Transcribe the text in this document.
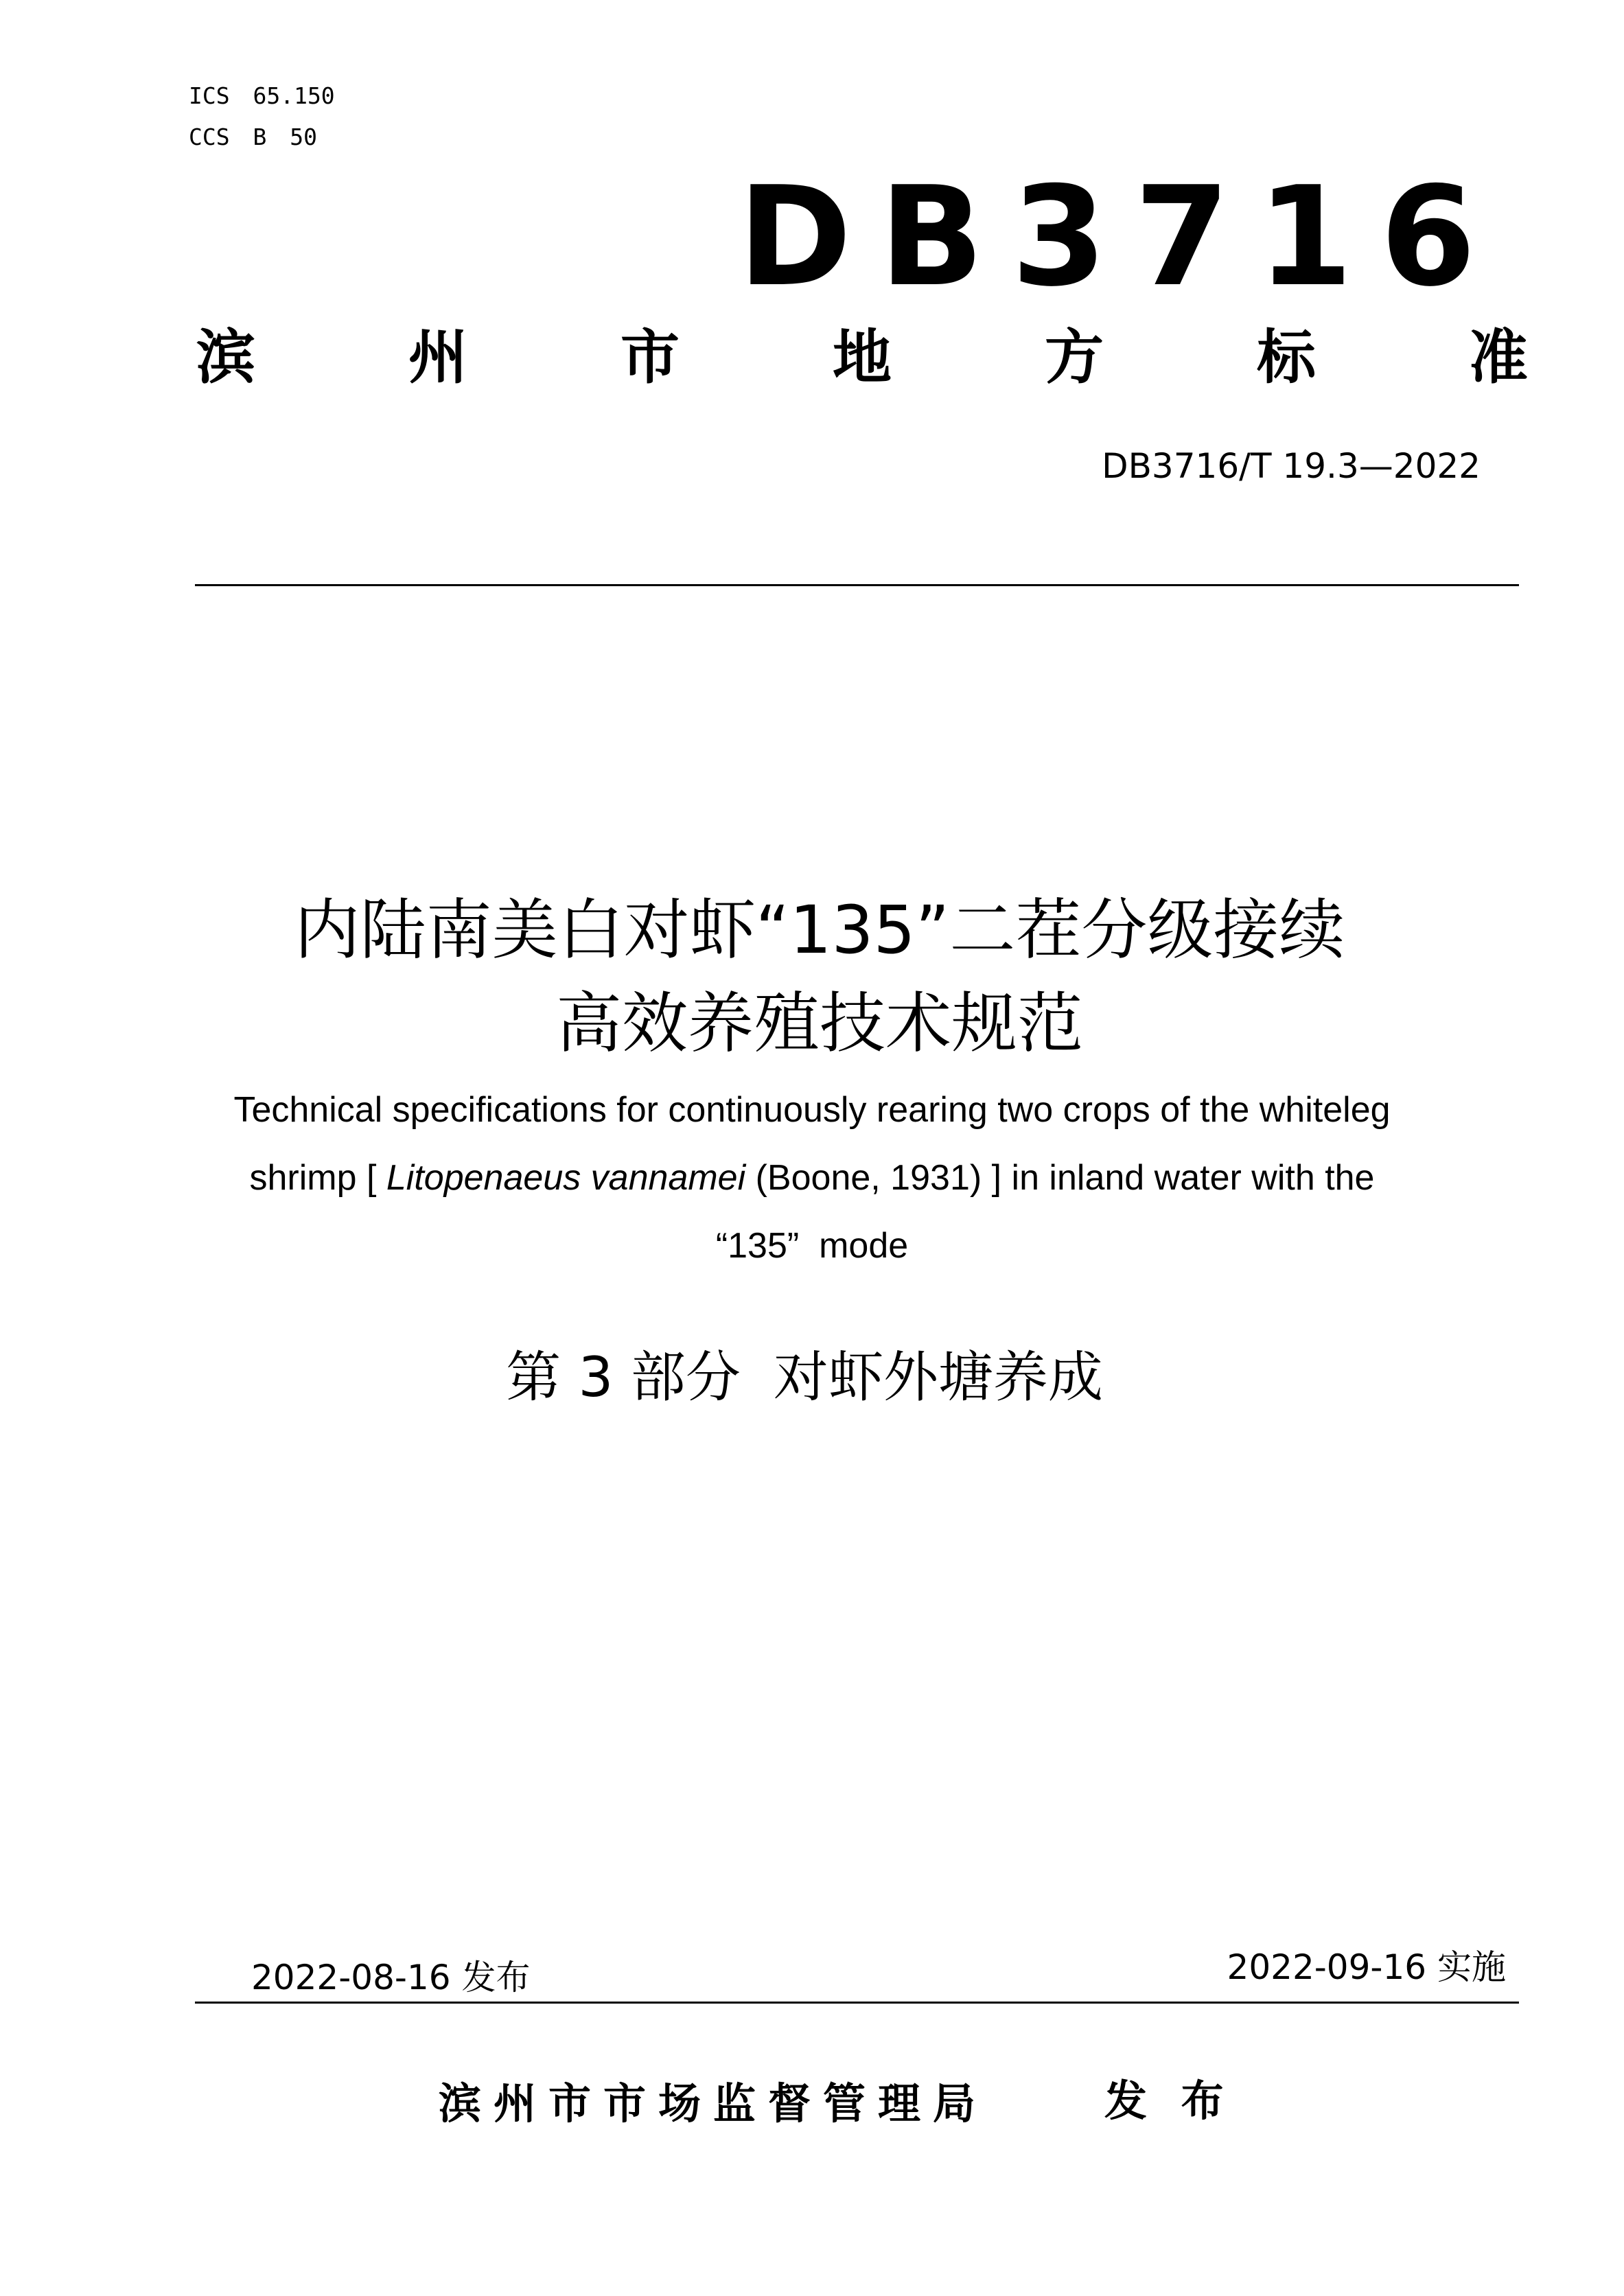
ICS 65.150
CCS B 50
DB3716
滨	州	市	地	方	标	准
DB3716/T 19.3—2022
内陆南美白对虾“135”二茬分级接续
高效养殖技术规范
Technical specifications for continuously rearing two crops of the whiteleg
shrimp [ Litopenaeus vannamei (Boone, 1931) ] in inland water with the
“135”  mode
第 3 部分 对虾外塘养成
2022-08-16 发布	2022-09-16 实施
滨州市市场监督管理局	发 布
